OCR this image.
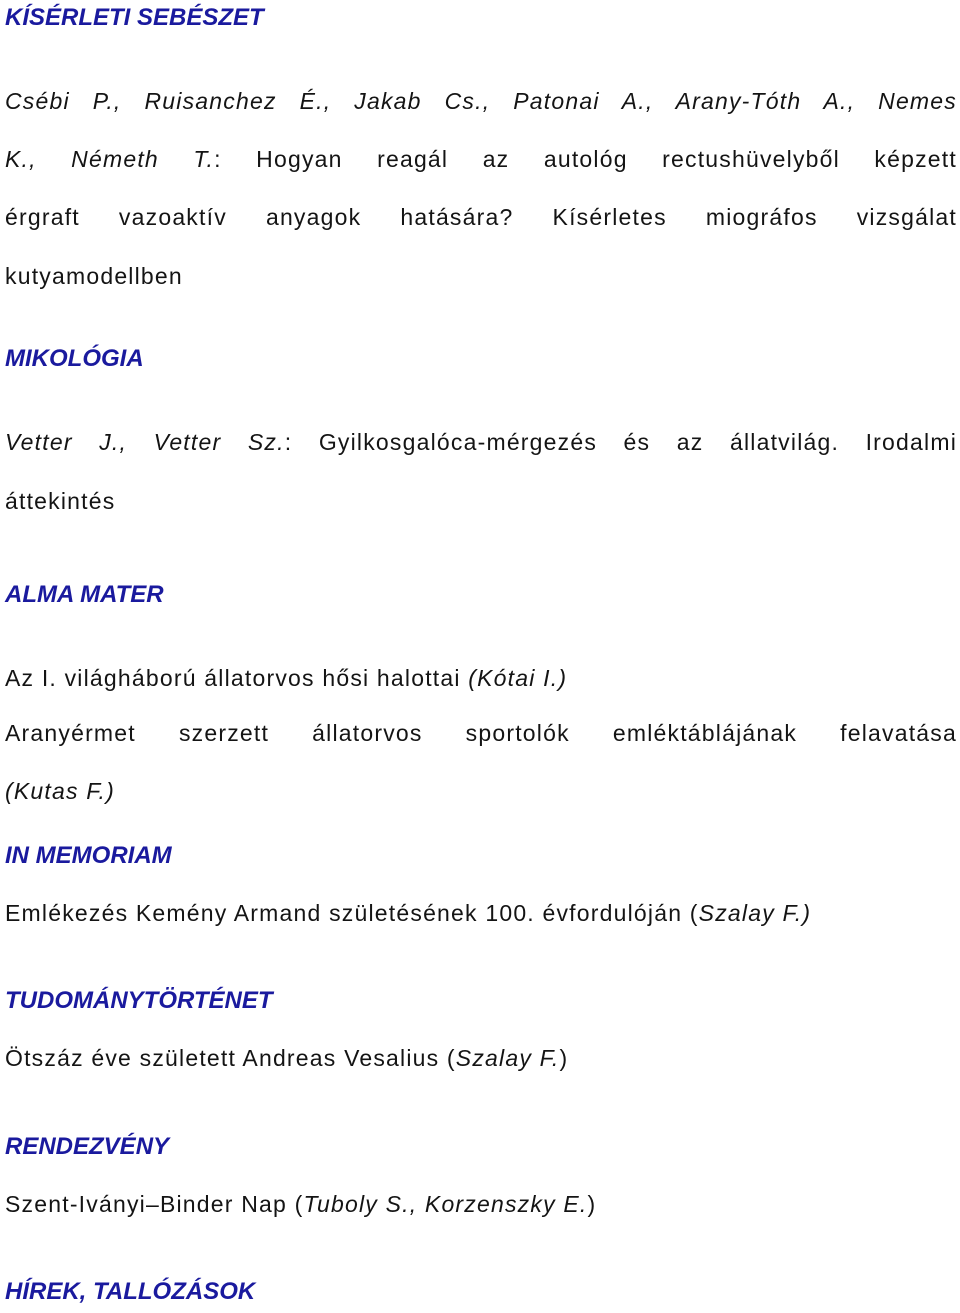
KÍSÉRLETI SEBÉSZET
Csébi P., Ruisanchez É., Jakab Cs., Patonai A., Arany-Tóth A., Nemes
K., Németh T.: Hogyan reagál az autológ rectushüvelyből képzett
érgraft vazoaktív anyagok hatására? Kísérletes miográfos vizsgálat
kutyamodellben
MIKOLÓGIA
Vetter J., Vetter Sz.: Gyilkosgalóca-mérgezés és az állatvilág. Irodalmi
áttekintés
ALMA MATER
Az I. világháború állatorvos hősi halottai (Kótai I.)
Aranyérmet szerzett állatorvos sportolók emléktáblájának felavatása
(Kutas F.)
IN MEMORIAM
Emlékezés Kemény Armand születésének 100. évfordulóján (Szalay F.)
TUDOMÁNYTÖRTÉNET
Ötszáz éve született Andreas Vesalius (Szalay F.)
RENDEZVÉNY
Szent-Iványi–Binder Nap (Tuboly S., Korzenszky E.)
HÍREK, TALLÓZÁSOK
